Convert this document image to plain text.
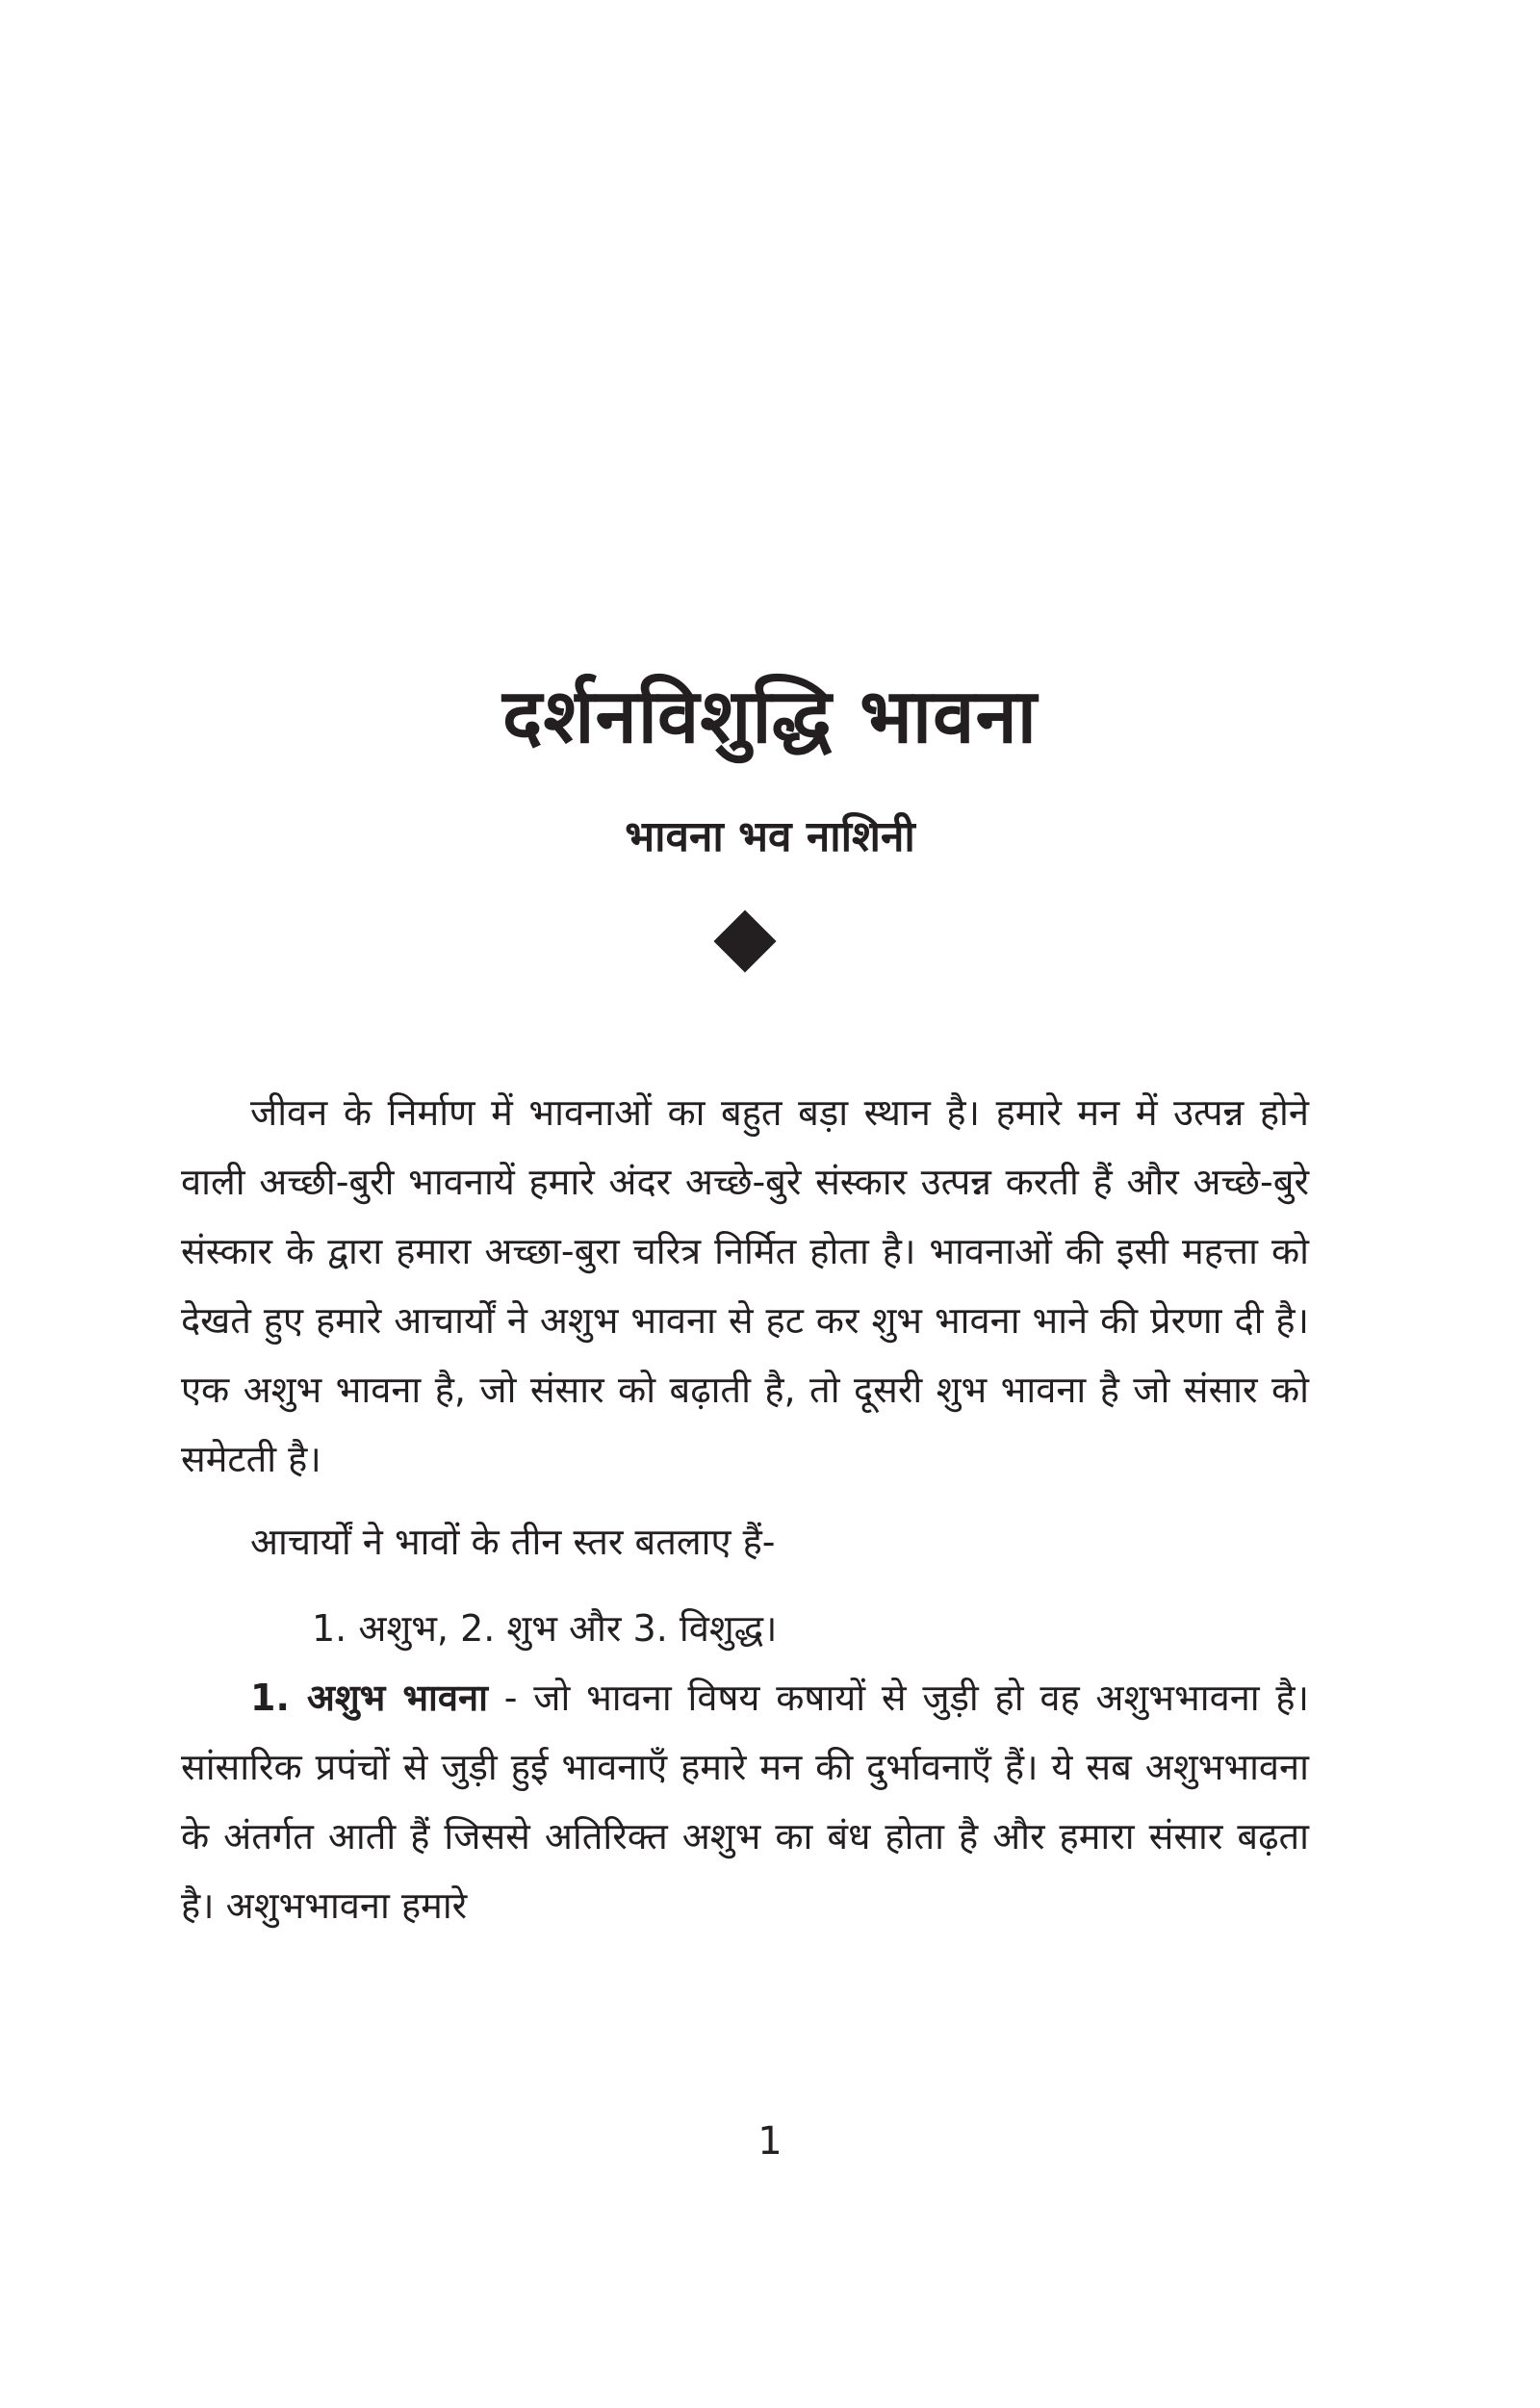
दर्शनविशुद्धि भावना
भावना भव नाशिनी

जीवन के निर्माण में भावनाओं का बहुत बड़ा स्थान है। हमारे मन में उत्पन्न होने वाली अच्छी-बुरी भावनायें हमारे अंदर अच्छे-बुरे संस्कार उत्पन्न करती हैं और अच्छे-बुरे संस्कार के द्वारा हमारा अच्छा-बुरा चरित्र निर्मित होता है। भावनाओं की इसी महत्ता को देखते हुए हमारे आचार्यों ने अशुभ भावना से हट कर शुभ भावना भाने की प्रेरणा दी है। एक अशुभ भावना है, जो संसार को बढ़ाती है, तो दूसरी शुभ भावना है जो संसार को समेटती है।

आचार्यों ने भावों के तीन स्तर बतलाए हैं-

1. अशुभ, 2. शुभ और 3. विशुद्ध।

1. अशुभ भावना - जो भावना विषय कषायों से जुड़ी हो वह अशुभभावना है। सांसारिक प्रपंचों से जुड़ी हुई भावनाएँ हमारे मन की दुर्भावनाएँ हैं। ये सब अशुभभावना के अंतर्गत आती हैं जिससे अतिरिक्त अशुभ का बंध होता है और हमारा संसार बढ़ता है। अशुभभावना हमारे

1
